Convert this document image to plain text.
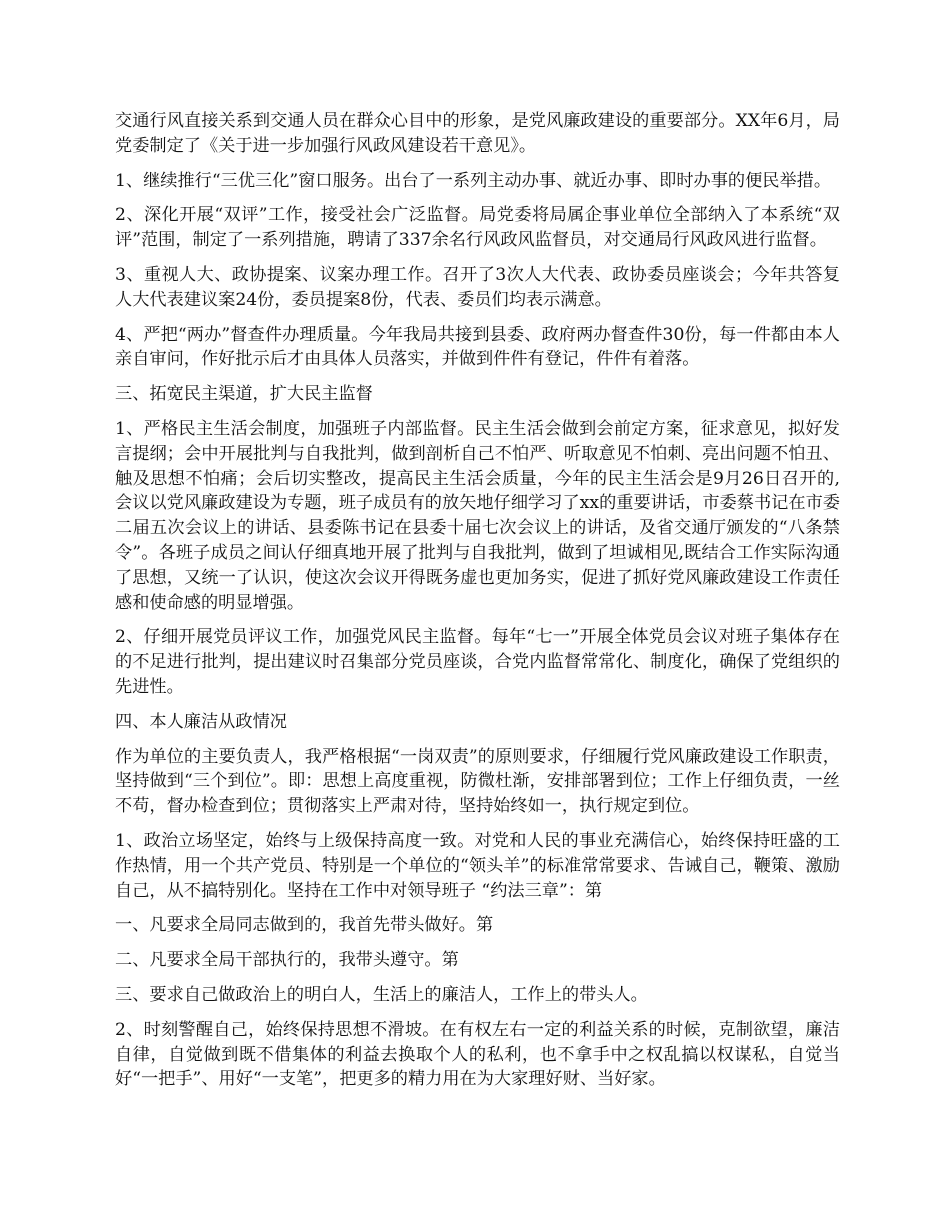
交通行风直接关系到交通人员在群众心目中的形象，是党风廉政建设的重要部分。XX年6月，局党委制定了《关于进一步加强行风政风建设若干意见》。

1、继续推行“三优三化”窗口服务。出台了一系列主动办事、就近办事、即时办事的便民举措。

2、深化开展“双评”工作，接受社会广泛监督。局党委将局属企事业单位全部纳入了本系统“双评”范围，制定了一系列措施，聘请了337余名行风政风监督员，对交通局行风政风进行监督。

3、重视人大、政协提案、议案办理工作。召开了3次人大代表、政协委员座谈会；今年共答复人大代表建议案24份，委员提案8份，代表、委员们均表示满意。

4、严把“两办”督查件办理质量。今年我局共接到县委、政府两办督查件30份，每一件都由本人亲自审问，作好批示后才由具体人员落实，并做到件件有登记，件件有着落。

三、拓宽民主渠道，扩大民主监督

1、严格民主生活会制度，加强班子内部监督。民主生活会做到会前定方案，征求意见，拟好发言提纲；会中开展批判与自我批判，做到剖析自己不怕严、听取意见不怕刺、亮出问题不怕丑、触及思想不怕痛；会后切实整改，提高民主生活会质量，今年的民主生活会是9月26日召开的,会议以党风廉政建设为专题，班子成员有的放矢地仔细学习了xx的重要讲话，市委蔡书记在市委二届五次会议上的讲话、县委陈书记在县委十届七次会议上的讲话，及省交通厅颁发的“八条禁令”。各班子成员之间认仔细真地开展了批判与自我批判，做到了坦诚相见,既结合工作实际沟通了思想，又统一了认识，使这次会议开得既务虚也更加务实，促进了抓好党风廉政建设工作责任感和使命感的明显增强。

2、仔细开展党员评议工作，加强党风民主监督。每年“七一”开展全体党员会议对班子集体存在的不足进行批判，提出建议时召集部分党员座谈，合党内监督常常化、制度化，确保了党组织的先进性。

四、本人廉洁从政情况

作为单位的主要负责人，我严格根据“一岗双责”的原则要求，仔细履行党风廉政建设工作职责，坚持做到“三个到位”。即：思想上高度重视，防微杜渐，安排部署到位；工作上仔细负责，一丝不苟，督办检查到位；贯彻落实上严肃对待，坚持始终如一，执行规定到位。

1、政治立场坚定，始终与上级保持高度一致。对党和人民的事业充满信心，始终保持旺盛的工作热情，用一个共产党员、特别是一个单位的“领头羊”的标准常常要求、告诫自己，鞭策、激励自己，从不搞特别化。坚持在工作中对领导班子 “约法三章”：第

一、凡要求全局同志做到的，我首先带头做好。第

二、凡要求全局干部执行的，我带头遵守。第

三、要求自己做政治上的明白人，生活上的廉洁人，工作上的带头人。

2、时刻警醒自己，始终保持思想不滑坡。在有权左右一定的利益关系的时候，克制欲望，廉洁自律，自觉做到既不借集体的利益去换取个人的私利，也不拿手中之权乱搞以权谋私，自觉当好“一把手”、用好“一支笔”，把更多的精力用在为大家理好财、当好家。
